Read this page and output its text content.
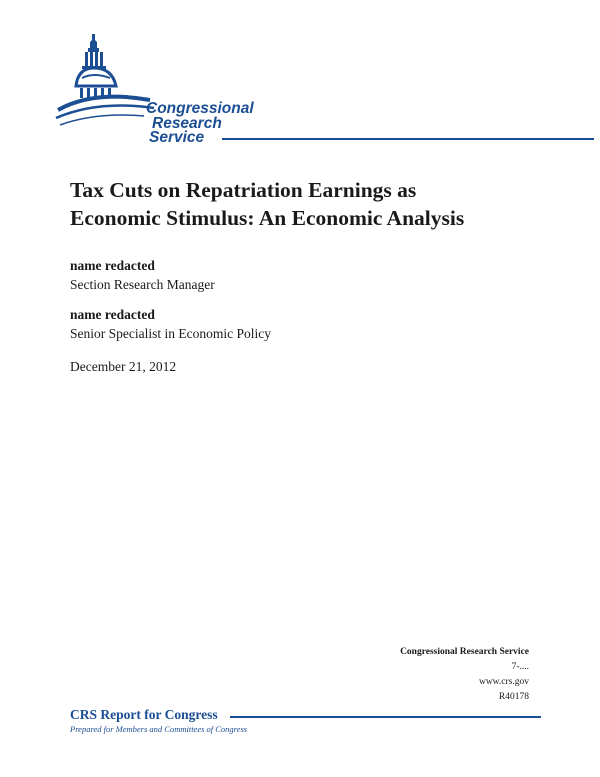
Congressional
Research
Service
Tax Cuts on Repatriation Earnings as
Economic Stimulus: An Economic Analysis
name redacted
Section Research Manager
name redacted
Senior Specialist in Economic Policy
December 21, 2012
Congressional Research Service
7-....
www.crs.gov
R40178
CRS Report for Congress
Prepared for Members and Committees of Congress
